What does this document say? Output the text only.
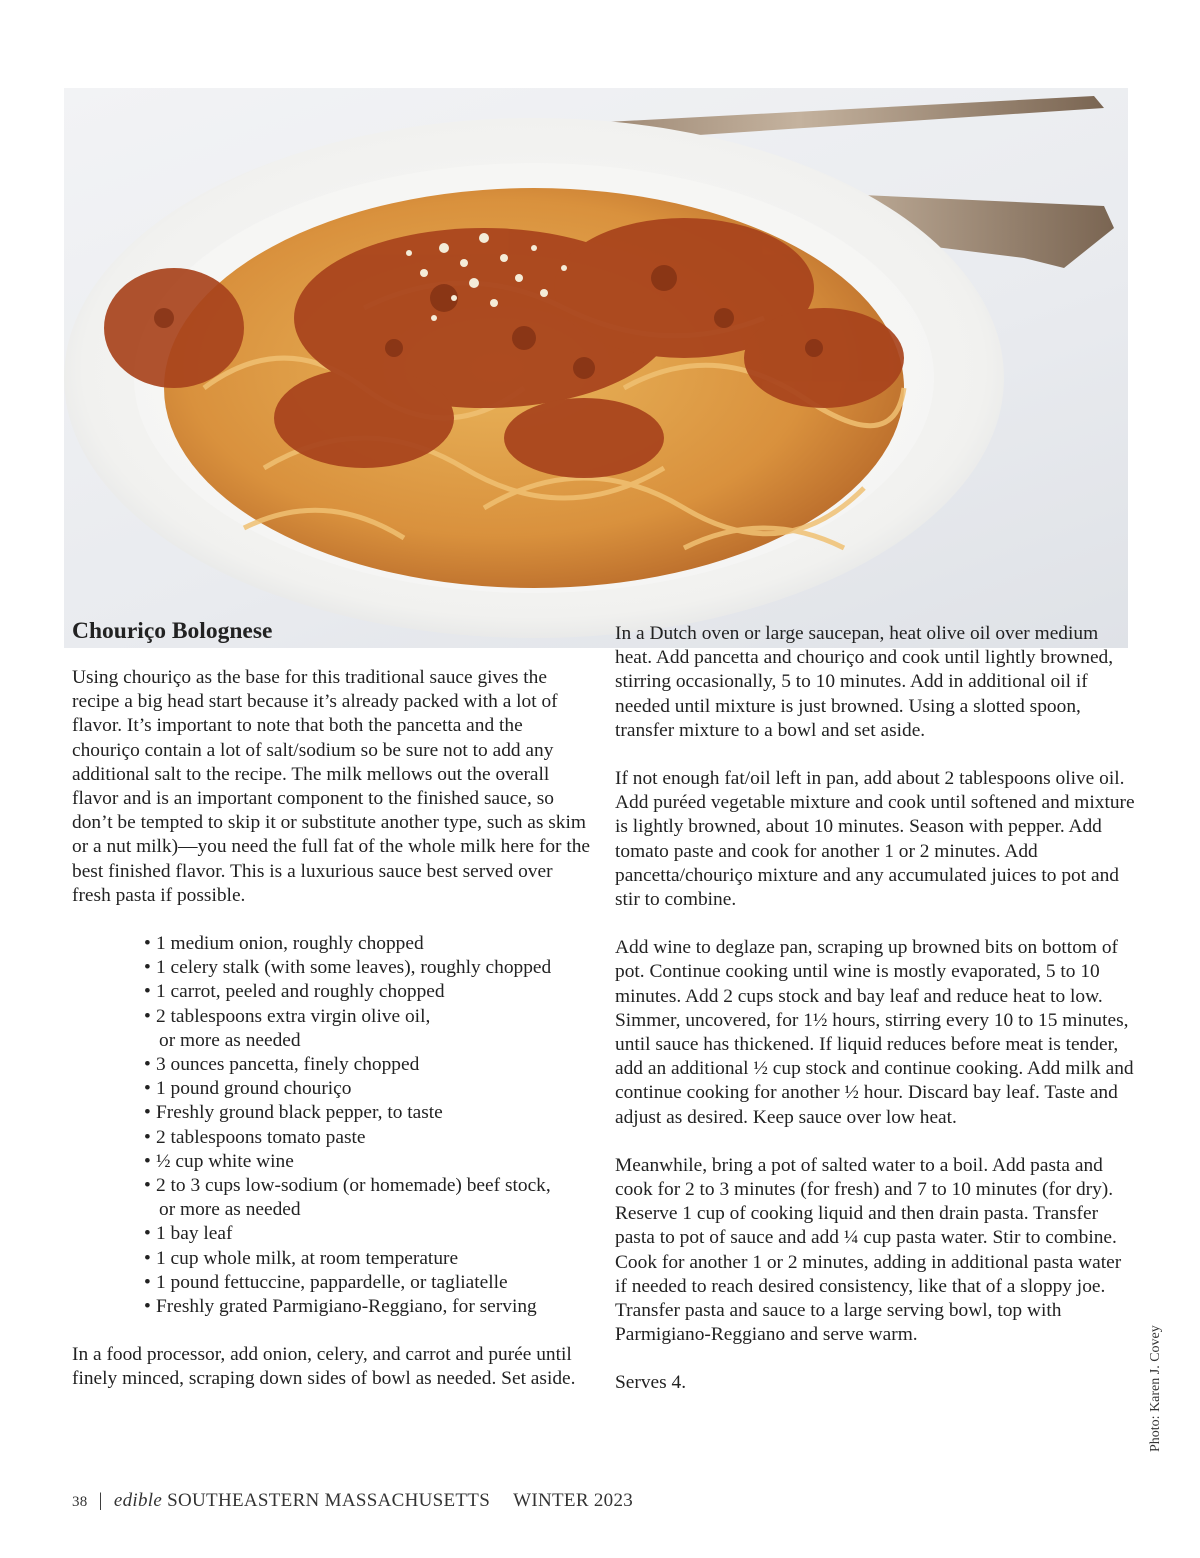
Chouriço Bolognese

Using chouriço as the base for this traditional sauce gives the recipe a big head start because it’s already packed with a lot of flavor. It’s important to note that both the pancetta and the chouriço contain a lot of salt/sodium so be sure not to add any additional salt to the recipe. The milk mellows out the overall flavor and is an important component to the finished sauce, so don’t be tempted to skip it or substitute another type, such as skim or a nut milk)—you need the full fat of the whole milk here for the best finished flavor. This is a luxurious sauce best served over fresh pasta if possible.

• 1 medium onion, roughly chopped
• 1 celery stalk (with some leaves), roughly chopped
• 1 carrot, peeled and roughly chopped
• 2 tablespoons extra virgin olive oil,
or more as needed
• 3 ounces pancetta, finely chopped
• 1 pound ground chouriço
• Freshly ground black pepper, to taste
• 2 tablespoons tomato paste
• ½ cup white wine
• 2 to 3 cups low-sodium (or homemade) beef stock,
or more as needed
• 1 bay leaf
• 1 cup whole milk, at room temperature
• 1 pound fettuccine, pappardelle, or tagliatelle
• Freshly grated Parmigiano-Reggiano, for serving

In a food processor, add onion, celery, and carrot and purée until finely minced, scraping down sides of bowl as needed. Set aside.

In a Dutch oven or large saucepan, heat olive oil over medium heat. Add pancetta and chouriço and cook until lightly browned, stirring occasionally, 5 to 10 minutes. Add in additional oil if needed until mixture is just browned. Using a slotted spoon, transfer mixture to a bowl and set aside.

If not enough fat/oil left in pan, add about 2 tablespoons olive oil. Add puréed vegetable mixture and cook until softened and mixture is lightly browned, about 10 minutes. Season with pepper. Add tomato paste and cook for another 1 or 2 minutes. Add pancetta/chouriço mixture and any accumulated juices to pot and stir to combine.

Add wine to deglaze pan, scraping up browned bits on bottom of pot. Continue cooking until wine is mostly evaporated, 5 to 10 minutes. Add 2 cups stock and bay leaf and reduce heat to low. Simmer, uncovered, for 1½ hours, stirring every 10 to 15 minutes, until sauce has thickened. If liquid reduces before meat is tender, add an additional ½ cup stock and continue cooking. Add milk and continue cooking for another ½ hour. Discard bay leaf. Taste and adjust as desired. Keep sauce over low heat.

Meanwhile, bring a pot of salted water to a boil. Add pasta and cook for 2 to 3 minutes (for fresh) and 7 to 10 minutes (for dry). Reserve 1 cup of cooking liquid and then drain pasta. Transfer pasta to pot of sauce and add ¼ cup pasta water. Stir to combine. Cook for another 1 or 2 minutes, adding in additional pasta water if needed to reach desired consistency, like that of a sloppy joe. Transfer pasta and sauce to a large serving bowl, top with Parmigiano-Reggiano and serve warm.

Serves 4.	Photo: Karen J. Covey
38 | edible SOUTHEASTERN MASSACHUSETTS WINTER 2023
